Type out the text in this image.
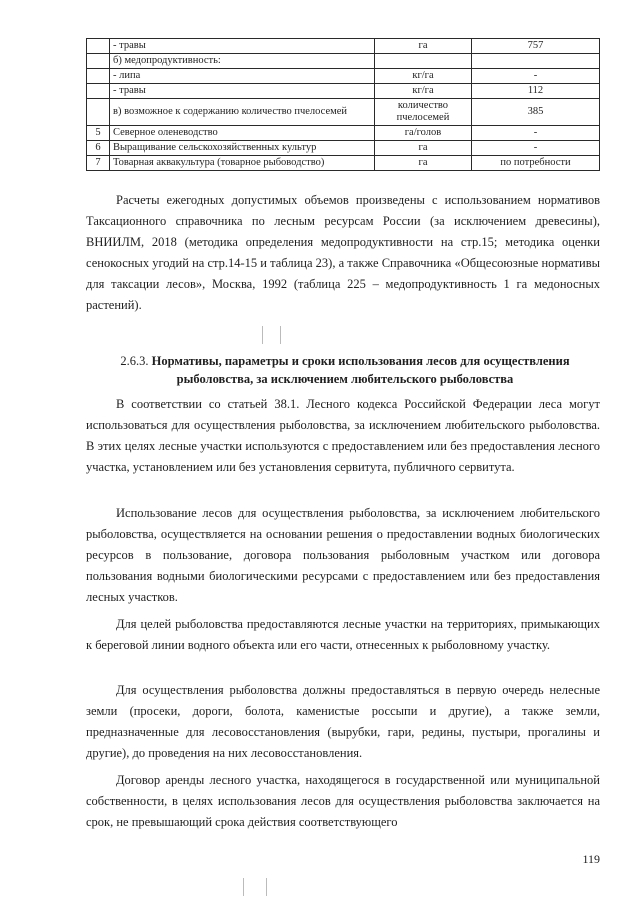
	- травы	га	757
	б) медопродуктивность:		
	- липа	кг/га	-
	- травы	кг/га	112
	в) возможное к содержанию количество пчелосемей	количество пчелосемей	385
5	Северное оленеводство	га/голов	-
6	Выращивание сельскохозяйственных культур	га	-
7	Товарная аквакультура (товарное рыбоводство)	га	по потребности

Расчеты ежегодных допустимых объемов произведены с использованием нормативов Таксационного справочника по лесным ресурсам России (за исключением древесины), ВНИИЛМ, 2018 (методика определения медопродуктивности на стр.15; методика оценки сенокосных угодий на стр.14-15 и таблица 23), а также Справочника «Общесоюзные нормативы для таксации лесов», Москва, 1992 (таблица 225 – медопродуктивность 1 га медоносных растений).

2.6.3. Нормативы, параметры и сроки использования лесов для осуществления
рыболовства, за исключением любительского рыболовства

В соответствии со статьей 38.1. Лесного кодекса Российской Федерации леса могут использоваться для осуществления рыболовства, за исключением любительского рыболовства. В этих целях лесные участки используются с предоставлением или без предоставления лесного участка, установлением или без установления сервитута, публичного сервитута.

Использование лесов для осуществления рыболовства, за исключением любительского рыболовства, осуществляется на основании решения о предоставлении водных биологических ресурсов в пользование, договора пользования рыболовным участком или договора пользования водными биологическими ресурсами с предоставлением или без предоставления лесных участков.

Для целей рыболовства предоставляются лесные участки на территориях, примыкающих к береговой линии водного объекта или его части, отнесенных к рыболовному участку.

Для осуществления рыболовства должны предоставляться в первую очередь нелесные земли (просеки, дороги, болота, каменистые россыпи и другие), а также земли, предназначенные для лесовосстановления (вырубки, гари, редины, пустыри, прогалины и другие), до проведения на них лесовосстановления.

Договор аренды лесного участка, находящегося в государственной или муниципальной собственности, в целях использования лесов для осуществления рыболовства заключается на срок, не превышающий срока действия соответствующего

119
